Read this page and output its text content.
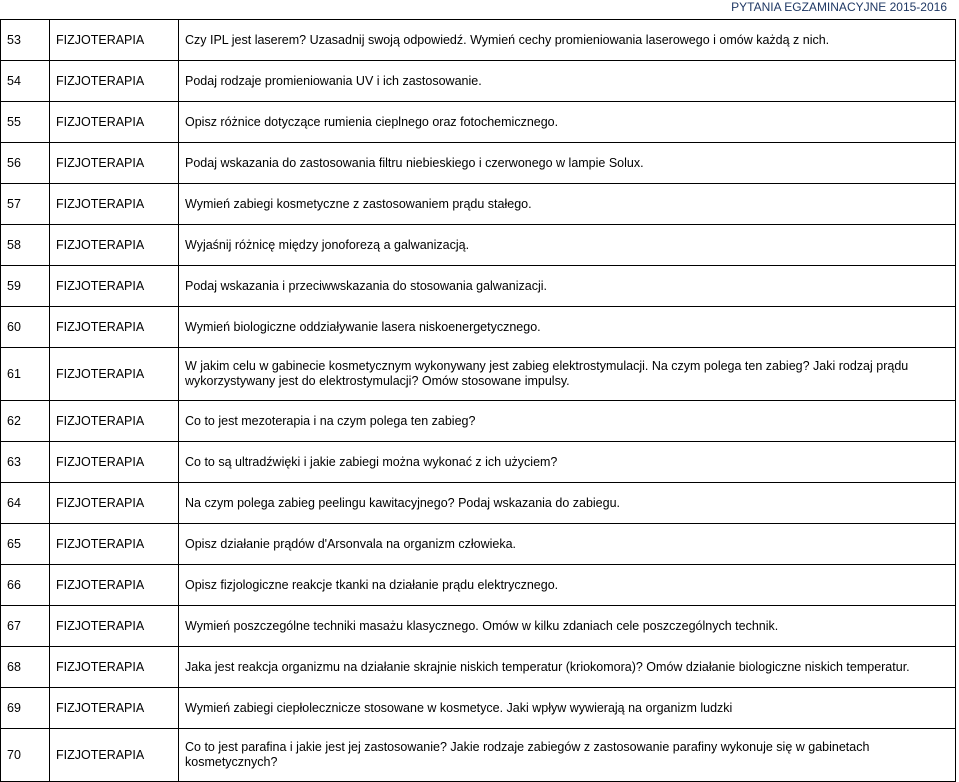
PYTANIA EGZAMINACYJNE 2015-2016
53	FIZJOTERAPIA	Czy IPL jest laserem? Uzasadnij swoją odpowiedź. Wymień cechy promieniowania laserowego i omów każdą z nich.
54	FIZJOTERAPIA	Podaj rodzaje promieniowania UV i ich zastosowanie.
55	FIZJOTERAPIA	Opisz różnice dotyczące rumienia cieplnego oraz fotochemicznego.
56	FIZJOTERAPIA	Podaj wskazania do zastosowania filtru niebieskiego i czerwonego w lampie Solux.
57	FIZJOTERAPIA	Wymień zabiegi kosmetyczne z zastosowaniem prądu stałego.
58	FIZJOTERAPIA	Wyjaśnij różnicę między jonoforezą a galwanizacją.
59	FIZJOTERAPIA	Podaj wskazania i przeciwwskazania do stosowania galwanizacji.
60	FIZJOTERAPIA	Wymień biologiczne oddziaływanie lasera niskoenergetycznego.
61	FIZJOTERAPIA	W jakim celu w gabinecie kosmetycznym wykonywany jest zabieg elektrostymulacji. Na czym polega ten zabieg? Jaki rodzaj prądu wykorzystywany jest do elektrostymulacji? Omów stosowane impulsy.
62	FIZJOTERAPIA	Co to jest mezoterapia i na czym polega ten zabieg?
63	FIZJOTERAPIA	Co to są ultradźwięki i jakie zabiegi można wykonać z ich użyciem?
64	FIZJOTERAPIA	Na czym polega zabieg peelingu kawitacyjnego? Podaj wskazania do zabiegu.
65	FIZJOTERAPIA	Opisz działanie prądów d'Arsonvala na organizm człowieka.
66	FIZJOTERAPIA	Opisz fizjologiczne reakcje tkanki na działanie prądu elektrycznego.
67	FIZJOTERAPIA	Wymień poszczególne techniki masażu klasycznego. Omów w kilku zdaniach cele poszczególnych technik.
68	FIZJOTERAPIA	Jaka jest reakcja organizmu na działanie skrajnie niskich temperatur (kriokomora)? Omów działanie biologiczne niskich temperatur.
69	FIZJOTERAPIA	Wymień zabiegi ciepłolecznicze stosowane w kosmetyce. Jaki wpływ wywierają na organizm ludzki
70	FIZJOTERAPIA	Co to jest parafina i jakie jest jej zastosowanie? Jakie rodzaje zabiegów z zastosowanie parafiny wykonuje się w gabinetach kosmetycznych?
